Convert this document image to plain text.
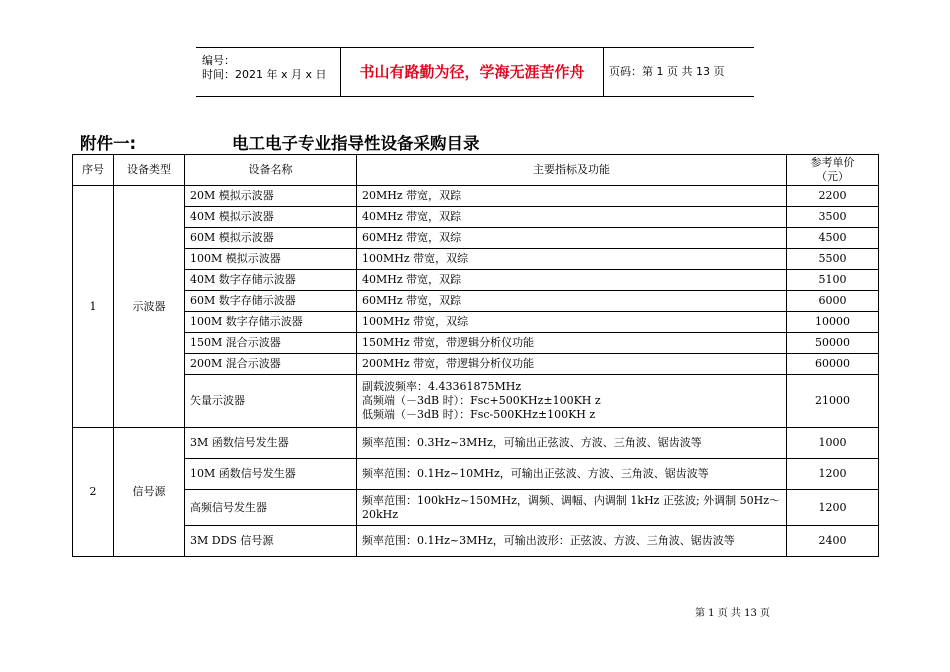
编号：
时间：2021 年 x 月 x 日	书山有路勤为径，学海无涯苦作舟	页码：第 1 页 共 13 页
附件一:	电工电子专业指导性设备采购目录
序号	设备类型	设备名称	主要指标及功能	参考单价
（元）

1	示波器	20M 模拟示波器	20MHz 带宽，双踪	2200
		40M 模拟示波器	40MHz 带宽，双踪	3500
		60M 模拟示波器	60MHz 带宽，双综	4500
		100M 模拟示波器	100MHz 带宽，双综	5500
		40M 数字存储示波器	40MHz 带宽，双踪	5100
		60M 数字存储示波器	60MHz 带宽，双踪	6000
		100M 数字存储示波器	100MHz 带宽，双综	10000
		150M 混合示波器	150MHz 带宽，带逻辑分析仪功能	50000
		200M 混合示波器	200MHz 带宽，带逻辑分析仪功能	60000
		矢量示波器	副载波频率：4.43361875MHz
高频端（－3dB 时）：Fsc+500KHz±100KH z
低频端（－3dB 时）：Fsc-500KHz±100KH z	21000
2	信号源	3M 函数信号发生器	频率范围：0.3Hz~3MHz，可输出正弦波、方波、三角波、锯齿波等	1000
		10M 函数信号发生器	频率范围：0.1Hz~10MHz，可输出正弦波、方波、三角波、锯齿波等	1200
		高频信号发生器	频率范围：100kHz~150MHz，调频、调幅、内调制 1kHz 正弦波; 外调制 50Hz～20kHz	1200
		3M DDS 信号源	频率范围：0.1Hz~3MHz，可输出波形：正弦波、方波、三角波、锯齿波等	2400
第 1 页 共 13 页
